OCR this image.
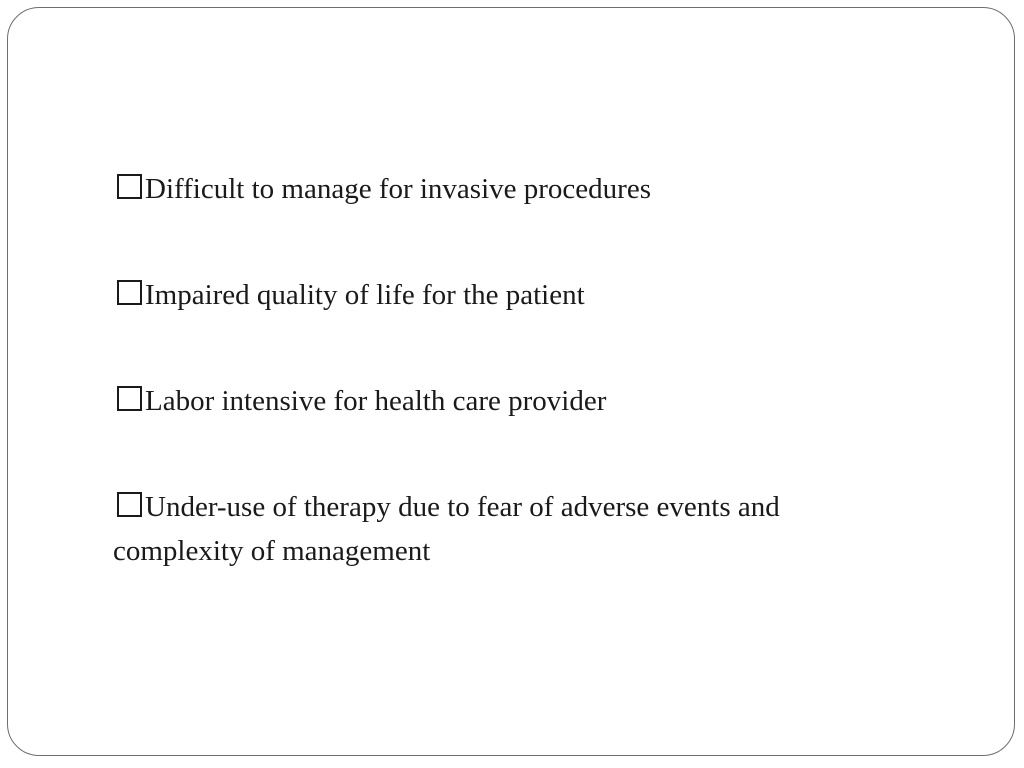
Difficult to manage for invasive procedures
Impaired quality of life for the patient
Labor intensive for health care provider
Under-use of therapy due to fear of adverse events and complexity of management
